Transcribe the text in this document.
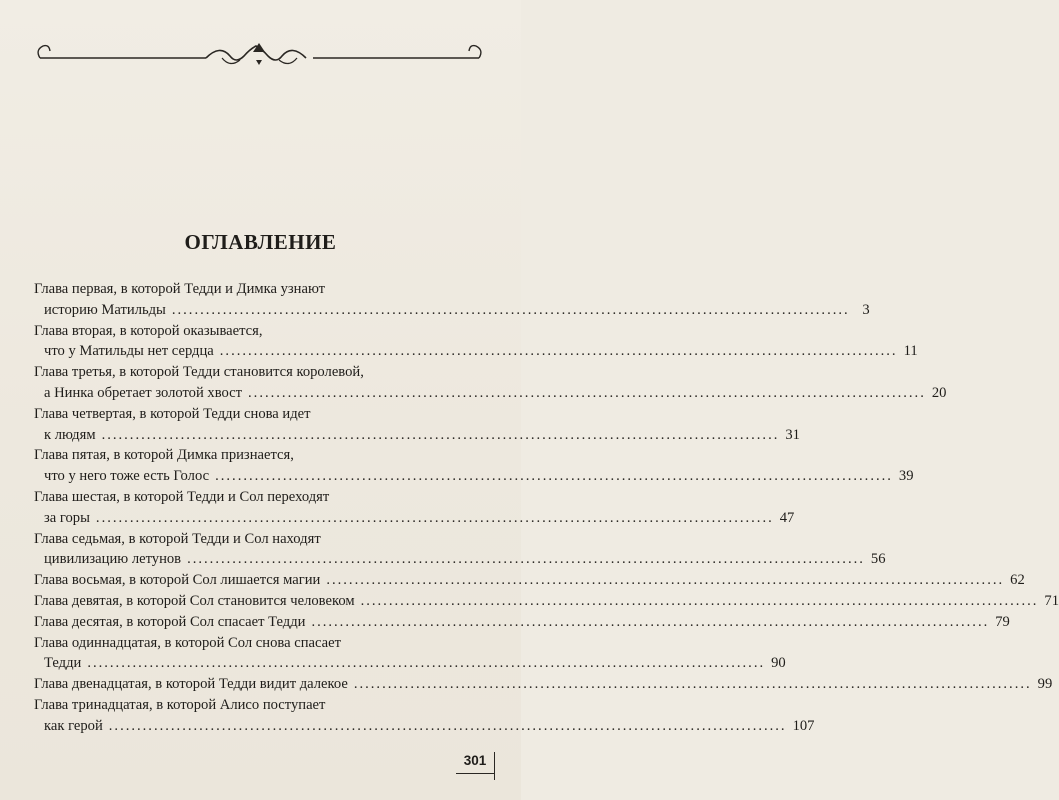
ОГЛАВЛЕНИЕ
Глава первая, в которой Тедди и Димка узнают
историю Матильды ........................................................................................................................ 3
Глава вторая, в которой оказывается,
что у Матильды нет сердца ........................................................................................................................ 11
Глава третья, в которой Тедди становится королевой,
а Нинка обретает золотой хвост ........................................................................................................................ 20
Глава четвертая, в которой Тедди снова идет
к людям ........................................................................................................................ 31
Глава пятая, в которой Димка признается,
что у него тоже есть Голос ........................................................................................................................ 39
Глава шестая, в которой Тедди и Сол переходят
за горы ........................................................................................................................ 47
Глава седьмая, в которой Тедди и Сол находят
цивилизацию летунов ........................................................................................................................ 56
Глава восьмая, в которой Сол лишается магии ........................................................................................................................ 62
Глава девятая, в которой Сол становится человеком ........................................................................................................................ 71
Глава десятая, в которой Сол спасает Тедди ........................................................................................................................ 79
Глава одиннадцатая, в которой Сол снова спасает
Тедди ........................................................................................................................ 90
Глава двенадцатая, в которой Тедди видит далекое ........................................................................................................................ 99
Глава тринадцатая, в которой Алисо поступает
как герой ........................................................................................................................ 107
301
